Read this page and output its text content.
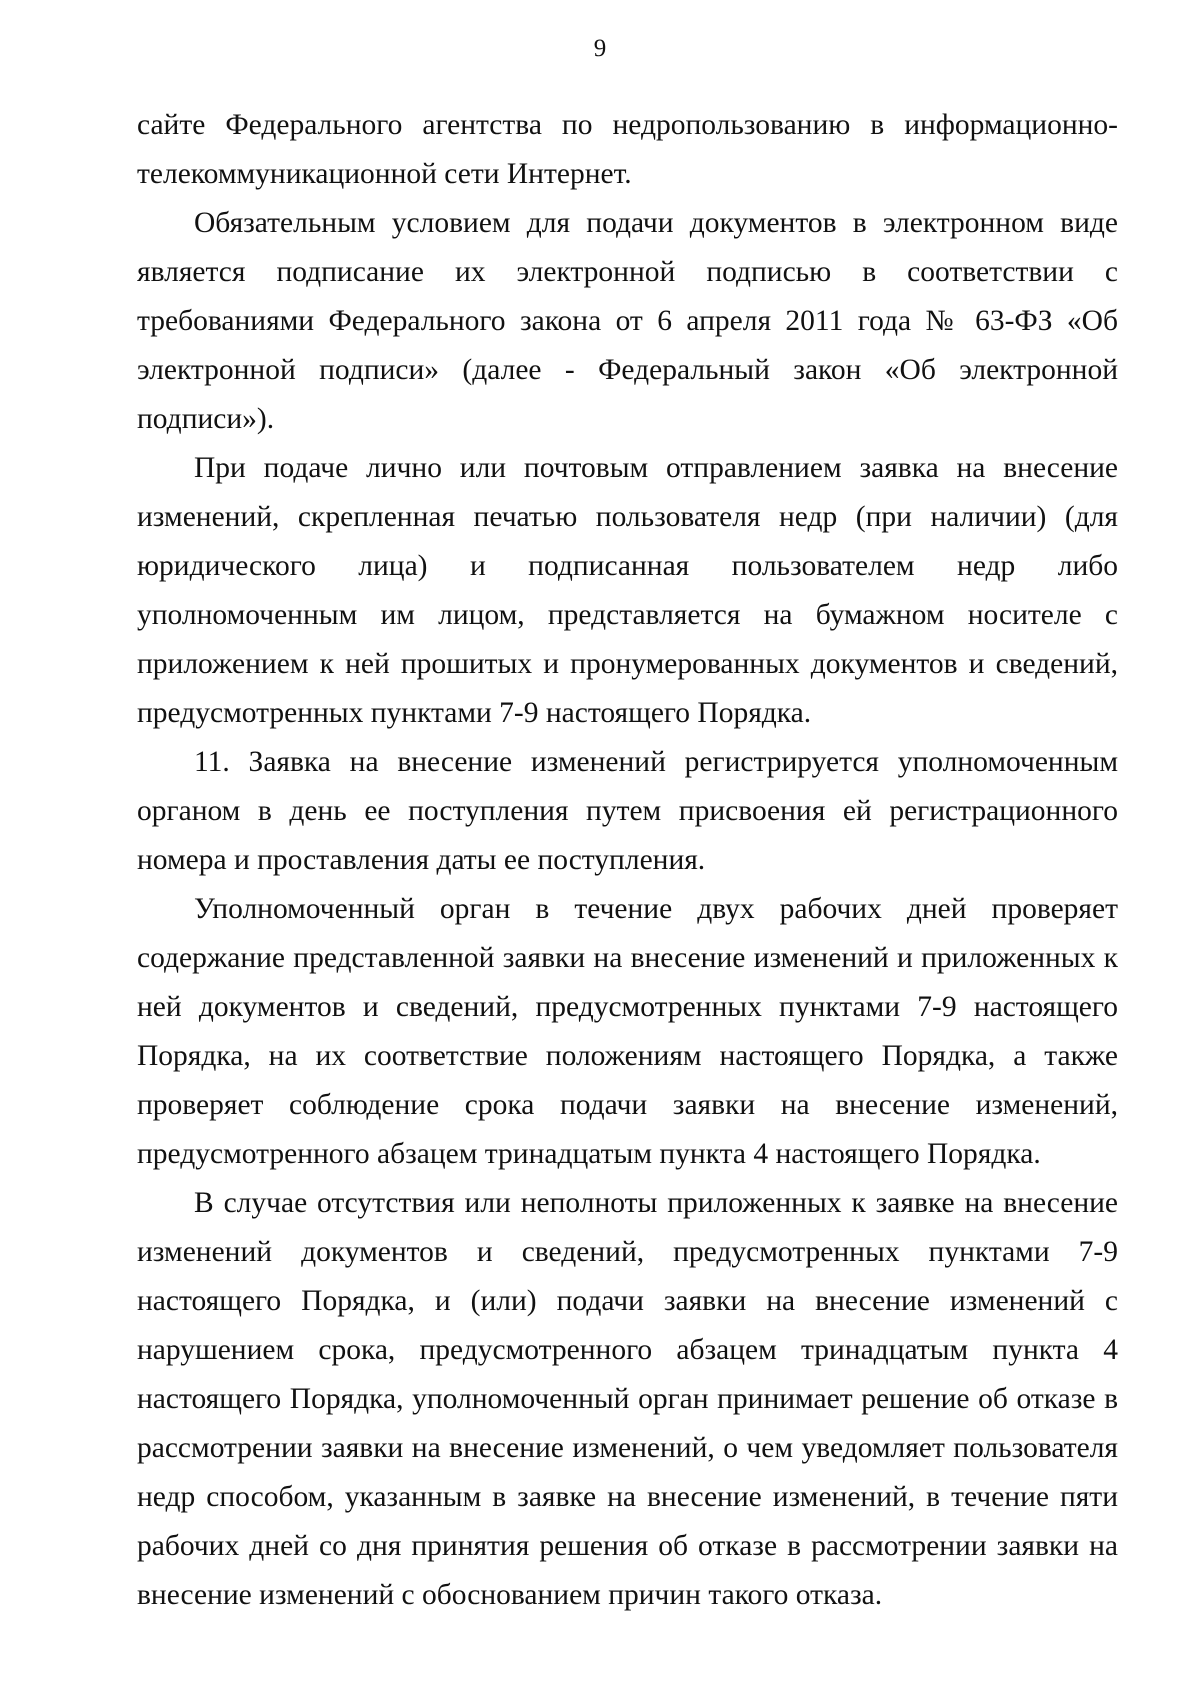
9

сайте Федерального агентства по недропользованию в информационно-телекоммуникационной сети Интернет.

Обязательным условием для подачи документов в электронном виде является подписание их электронной подписью в соответствии с требованиями Федерального закона от 6 апреля 2011 года № 63-ФЗ «Об электронной подписи» (далее - Федеральный закон «Об электронной подписи»).

При подаче лично или почтовым отправлением заявка на внесение изменений, скрепленная печатью пользователя недр (при наличии) (для юридического лица) и подписанная пользователем недр либо уполномоченным им лицом, представляется на бумажном носителе с приложением к ней прошитых и пронумерованных документов и сведений, предусмотренных пунктами 7-9 настоящего Порядка.

11. Заявка на внесение изменений регистрируется уполномоченным органом в день ее поступления путем присвоения ей регистрационного номера и проставления даты ее поступления.

Уполномоченный орган в течение двух рабочих дней проверяет содержание представленной заявки на внесение изменений и приложенных к ней документов и сведений, предусмотренных пунктами 7-9 настоящего Порядка, на их соответствие положениям настоящего Порядка, а также проверяет соблюдение срока подачи заявки на внесение изменений, предусмотренного абзацем тринадцатым пункта 4 настоящего Порядка.

В случае отсутствия или неполноты приложенных к заявке на внесение изменений документов и сведений, предусмотренных пунктами 7-9 настоящего Порядка, и (или) подачи заявки на внесение изменений с нарушением срока, предусмотренного абзацем тринадцатым пункта 4 настоящего Порядка, уполномоченный орган принимает решение об отказе в рассмотрении заявки на внесение изменений, о чем уведомляет пользователя недр способом, указанным в заявке на внесение изменений, в течение пяти рабочих дней со дня принятия решения об отказе в рассмотрении заявки на внесение изменений с обоснованием причин такого отказа.
